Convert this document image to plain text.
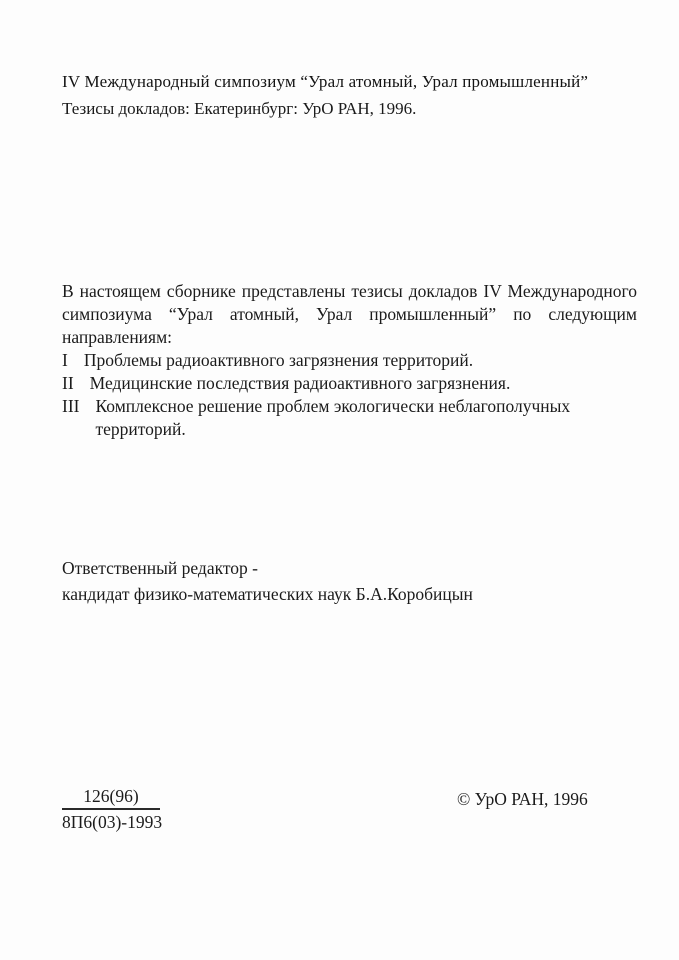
IV Международный симпозиум “Урал атомный, Урал промышленный”
Тезисы докладов: Екатеринбург: УрО РАН, 1996.
В настоящем сборнике представлены тезисы докладов IV Международного
симпозиума “Урал атомный, Урал промышленный” по следующим направлениям:
I Проблемы радиоактивного загрязнения территорий.
II Медицинские последствия радиоактивного загрязнения.
III Комплексное решение проблем экологически неблагополучных территорий.
Ответственный редактор -
кандидат физико-математических наук Б.А.Коробицын
126(96)
8П6(03)-1993
© УрО РАН, 1996
